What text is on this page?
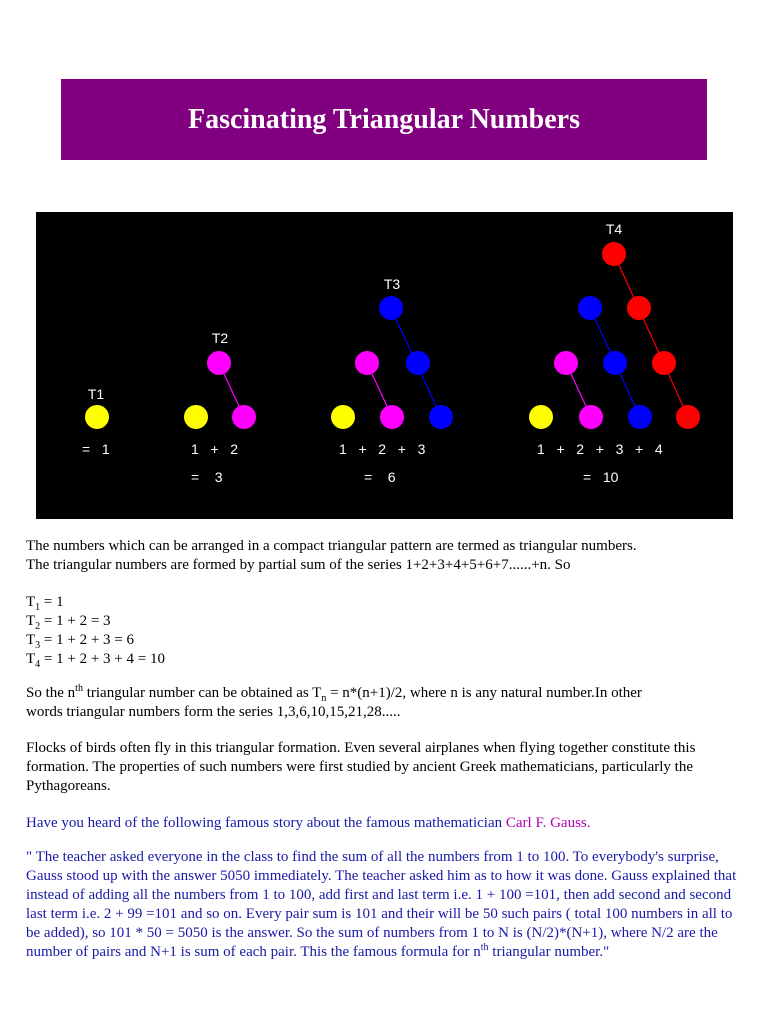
Fascinating Triangular Numbers
T1
=   1
T2
1   +   2
=    3
T3
1   +   2   +   3
=    6
T4
1   +   2   +   3   +   4
=   10

The numbers which can be arranged in a compact triangular pattern are termed as triangular numbers.

The triangular numbers are formed by partial sum of the series 1+2+3+4+5+6+7......+n. So

$T_1 = 1$

$T_2 = 1 + 2 = 3$

$T_3 = 1 + 2 + 3 = 6$

$T_4 = 1 + 2 + 3 + 4 = 10$

So the $n^{th}$ triangular number can be obtained as $T_n = n*(n+1)/2$, where n is any natural number.In other

words triangular numbers form the series 1,3,6,10,15,21,28.....

Flocks of birds often fly in this triangular formation. Even several airplanes when flying together constitute this formation. The properties of such numbers were first studied by ancient Greek mathematicians, particularly the Pythagoreans.

Have you heard of the following famous story about the famous mathematician Carl F. Gauss.

" The teacher asked everyone in the class to find the sum of all the numbers from 1 to 100. To everybody's surprise, Gauss stood up with the answer 5050 immediately. The teacher asked him as to how it was done. Gauss explained that instead of adding all the numbers from 1 to 100, add first and last term i.e. 1 + 100 =101, then add second and second last term i.e. 2 + 99 =101 and so on. Every pair sum is 101 and their will be 50 such pairs ( total 100 numbers in all to be added), so 101 * 50 = 5050 is the answer. So the sum of numbers from 1 to N is (N/2)*(N+1), where N/2 are the number of pairs and N+1 is sum of each pair. This the famous formula for $n^{th}$ triangular number."
